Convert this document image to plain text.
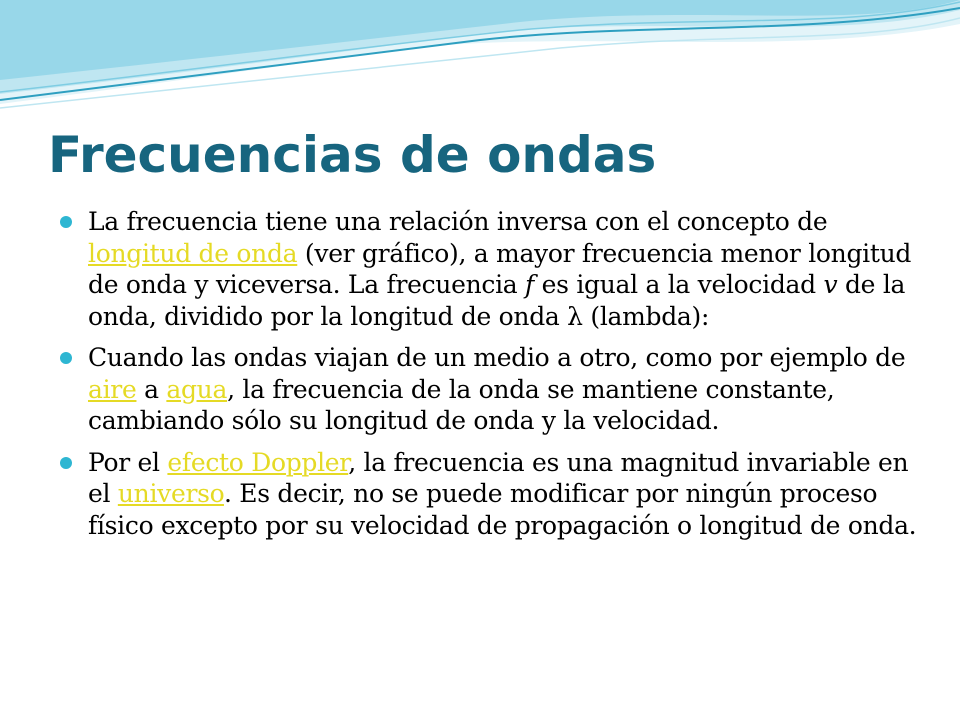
Frecuencias de ondas
La frecuencia tiene una relación inversa con el concepto de longitud de onda (ver gráfico), a mayor frecuencia menor longitud de onda y viceversa. La frecuencia f es igual a la velocidad v de la onda, dividido por la longitud de onda λ (lambda):
Cuando las ondas viajan de un medio a otro, como por ejemplo de aire a agua, la frecuencia de la onda se mantiene constante, cambiando sólo su longitud de onda y la velocidad.
Por el efecto Doppler, la frecuencia es una magnitud invariable en el universo. Es decir, no se puede modificar por ningún proceso físico excepto por su velocidad de propagación o longitud de onda.
